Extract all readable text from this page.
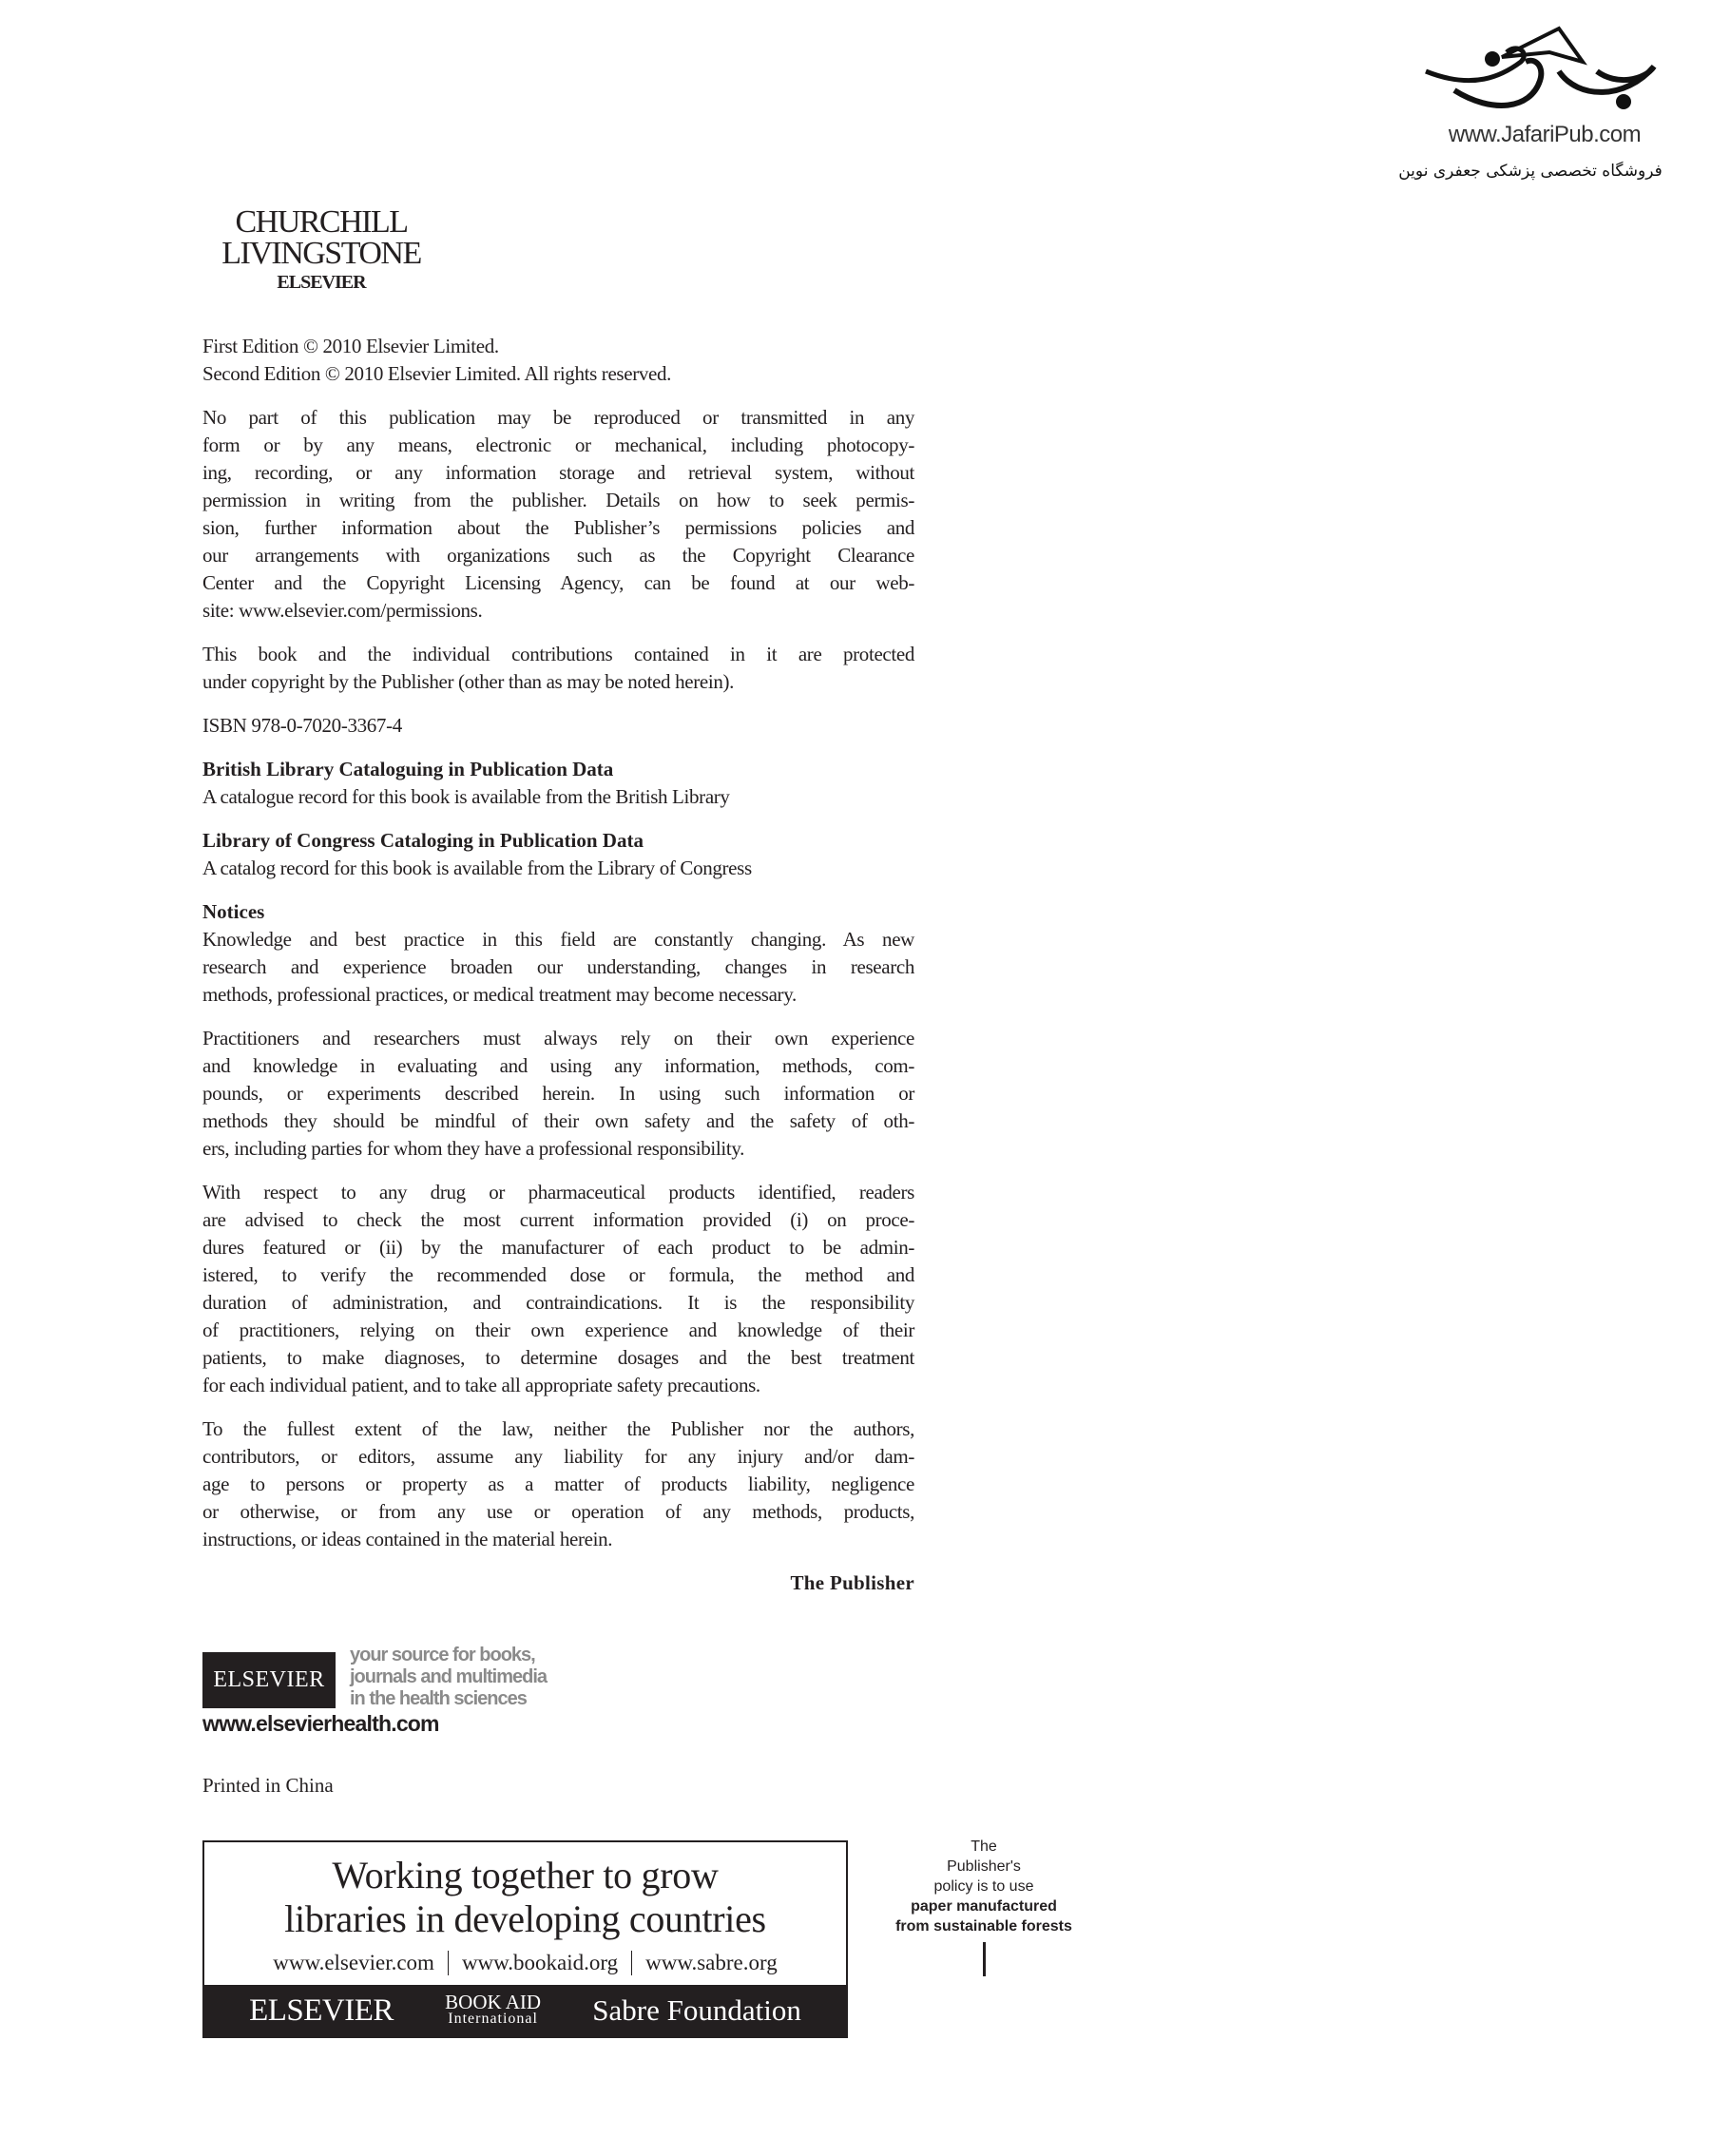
www.JafariPub.com
فروشگاه تخصصی پزشکی جعفری نوین
CHURCHILL
LIVINGSTONE
ELSEVIER
First Edition © 2010 Elsevier Limited.
Second Edition © 2010 Elsevier Limited. All rights reserved.
No part of this publication may be reproduced or transmitted in any
form or by any means, electronic or mechanical, including photocopy-
ing, recording, or any information storage and retrieval system, without
permission in writing from the publisher. Details on how to seek permis-
sion, further information about the Publisher’s permissions policies and
our arrangements with organizations such as the Copyright Clearance
Center and the Copyright Licensing Agency, can be found at our web-
site: www.elsevier.com/permissions.
This book and the individual contributions contained in it are protected
under copyright by the Publisher (other than as may be noted herein).
ISBN 978-0-7020-3367-4
British Library Cataloguing in Publication Data
A catalogue record for this book is available from the British Library
Library of Congress Cataloging in Publication Data
A catalog record for this book is available from the Library of Congress
Notices
Knowledge and best practice in this field are constantly changing. As new
research and experience broaden our understanding, changes in research
methods, professional practices, or medical treatment may become necessary.
Practitioners and researchers must always rely on their own experience
and knowledge in evaluating and using any information, methods, com-
pounds, or experiments described herein. In using such information or
methods they should be mindful of their own safety and the safety of oth-
ers, including parties for whom they have a professional responsibility.
With respect to any drug or pharmaceutical products identified, readers
are advised to check the most current information provided (i) on proce-
dures featured or (ii) by the manufacturer of each product to be admin-
istered, to verify the recommended dose or formula, the method and
duration of administration, and contraindications. It is the responsibility
of practitioners, relying on their own experience and knowledge of their
patients, to make diagnoses, to determine dosages and the best treatment
for each individual patient, and to take all appropriate safety precautions.
To the fullest extent of the law, neither the Publisher nor the authors,
contributors, or editors, assume any liability for any injury and/or dam-
age to persons or property as a matter of products liability, negligence
or otherwise, or from any use or operation of any methods, products,
instructions, or ideas contained in the material herein.
The Publisher
ELSEVIER
your source for books,
journals and multimedia
in the health sciences
www.elsevierhealth.com
Printed in China
Working together to grow
libraries in developing countries
www.elsevier.com www.bookaid.org www.sabre.org
ELSEVIER	BOOK AID
International Sabre Foundation
The
Publisher's
policy is to use
paper manufactured
from sustainable forests
